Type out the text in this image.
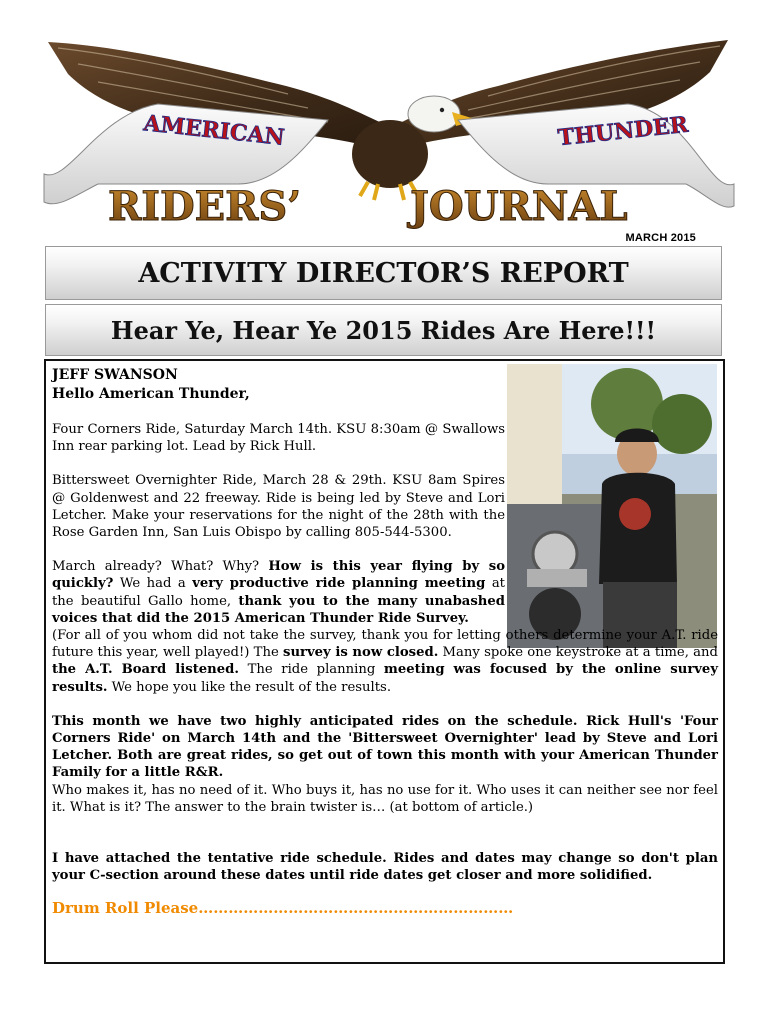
AMERICAN	THUNDER
RIDERS’	JOURNAL
MARCH 2015
ACTIVITY DIRECTOR’S REPORT
Hear Ye, Hear Ye 2015 Rides Are Here!!!

JEFF SWANSON

Hello American Thunder,

Four Corners Ride, Saturday March 14th. KSU 8:30am @ Swallows Inn rear parking lot. Lead by Rick Hull.

Bittersweet Overnighter Ride, March 28 & 29th. KSU 8am Spires @ Goldenwest and 22 freeway. Ride is being led by Steve and Lori Letcher. Make your reservations for the night of the 28th with the Rose Garden Inn, San Luis Obispo by calling 805-544-5300.

March already? What? Why? How is this year flying by so quickly? We had a very productive ride planning meeting at the beautiful Gallo home, thank you to the many unabashed voices that did the 2015 American Thunder Ride Survey.

(For all of you whom did not take the survey, thank you for letting others determine your A.T. ride future this year, well played!) The survey is now closed. Many spoke one keystroke at a time, and the A.T. Board listened. The ride planning meeting was focused by the online survey results. We hope you like the result of the results.

This month we have two highly anticipated rides on the schedule. Rick Hull's 'Four Corners Ride' on March 14th and the 'Bittersweet Overnighter' lead by Steve and Lori Letcher. Both are great rides, so get out of town this month with your American Thunder Family for a little R&R.

Who makes it, has no need of it. Who buys it, has no use for it. Who uses it can neither see nor feel it. What is it? The answer to the brain twister is… (at bottom of article.)

I have attached the tentative ride schedule. Rides and dates may change so don't plan your C-section around these dates until ride dates get closer and more solidified.

Drum Roll Please………………………………………………………
